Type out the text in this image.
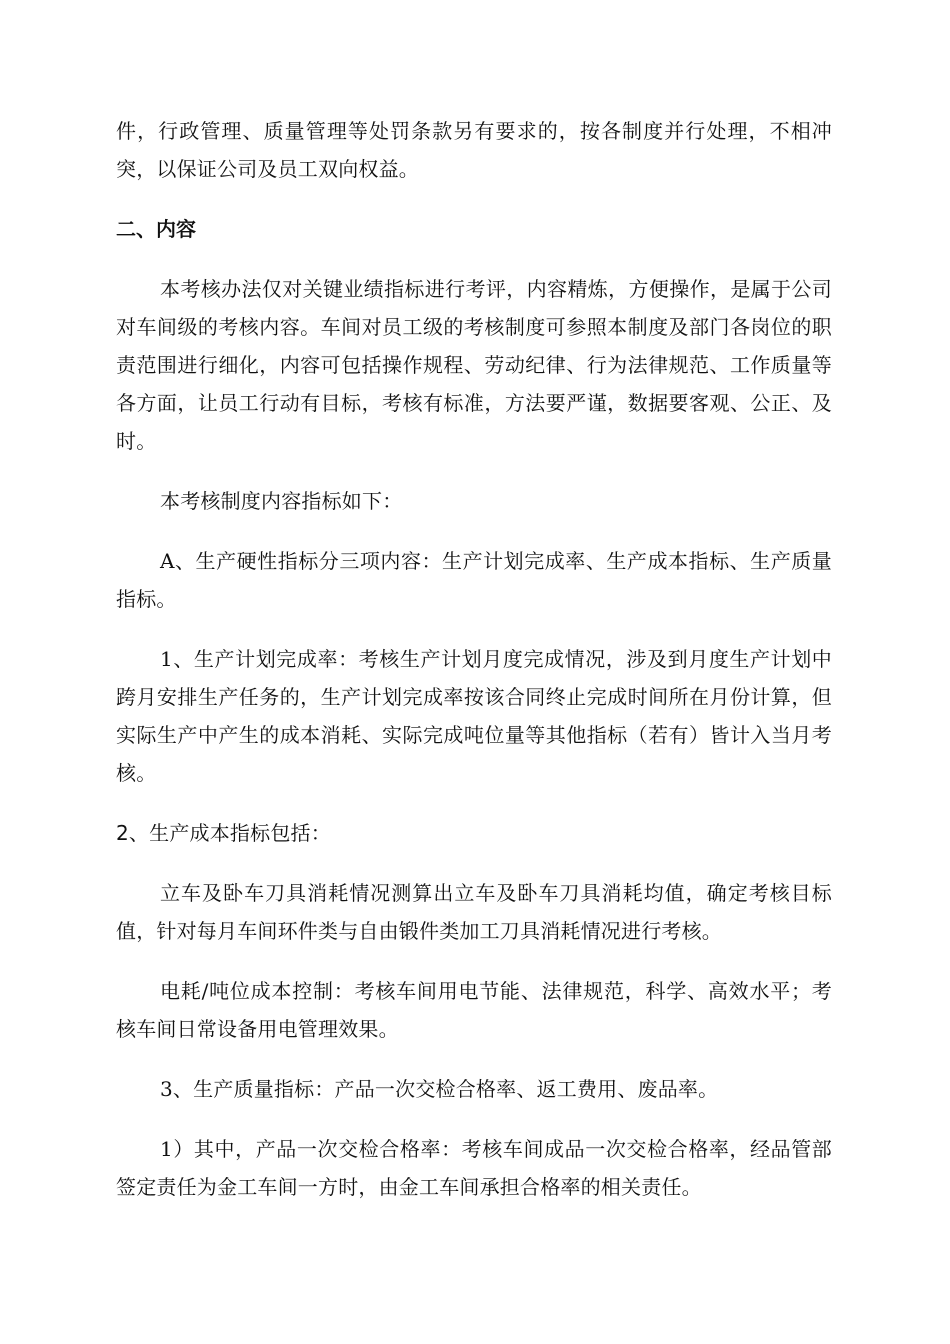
件，行政管理、质量管理等处罚条款另有要求的，按各制度并行处理，不相冲突，以保证公司及员工双向权益。

二、内容

本考核办法仅对关键业绩指标进行考评，内容精炼，方便操作，是属于公司对车间级的考核内容。车间对员工级的考核制度可参照本制度及部门各岗位的职责范围进行细化，内容可包括操作规程、劳动纪律、行为法律规范、工作质量等各方面，让员工行动有目标，考核有标准，方法要严谨，数据要客观、公正、及时。

本考核制度内容指标如下：

A、生产硬性指标分三项内容：生产计划完成率、生产成本指标、生产质量指标。

1、生产计划完成率：考核生产计划月度完成情况，涉及到月度生产计划中跨月安排生产任务的，生产计划完成率按该合同终止完成时间所在月份计算，但实际生产中产生的成本消耗、实际完成吨位量等其他指标（若有）皆计入当月考核。

2、生产成本指标包括：

立车及卧车刀具消耗情况测算出立车及卧车刀具消耗均值，确定考核目标值，针对每月车间环件类与自由锻件类加工刀具消耗情况进行考核。

电耗/吨位成本控制：考核车间用电节能、法律规范，科学、高效水平；考核车间日常设备用电管理效果。

3、生产质量指标：产品一次交检合格率、返工费用、废品率。

1）其中，产品一次交检合格率：考核车间成品一次交检合格率，经品管部签定责任为金工车间一方时，由金工车间承担合格率的相关责任。
